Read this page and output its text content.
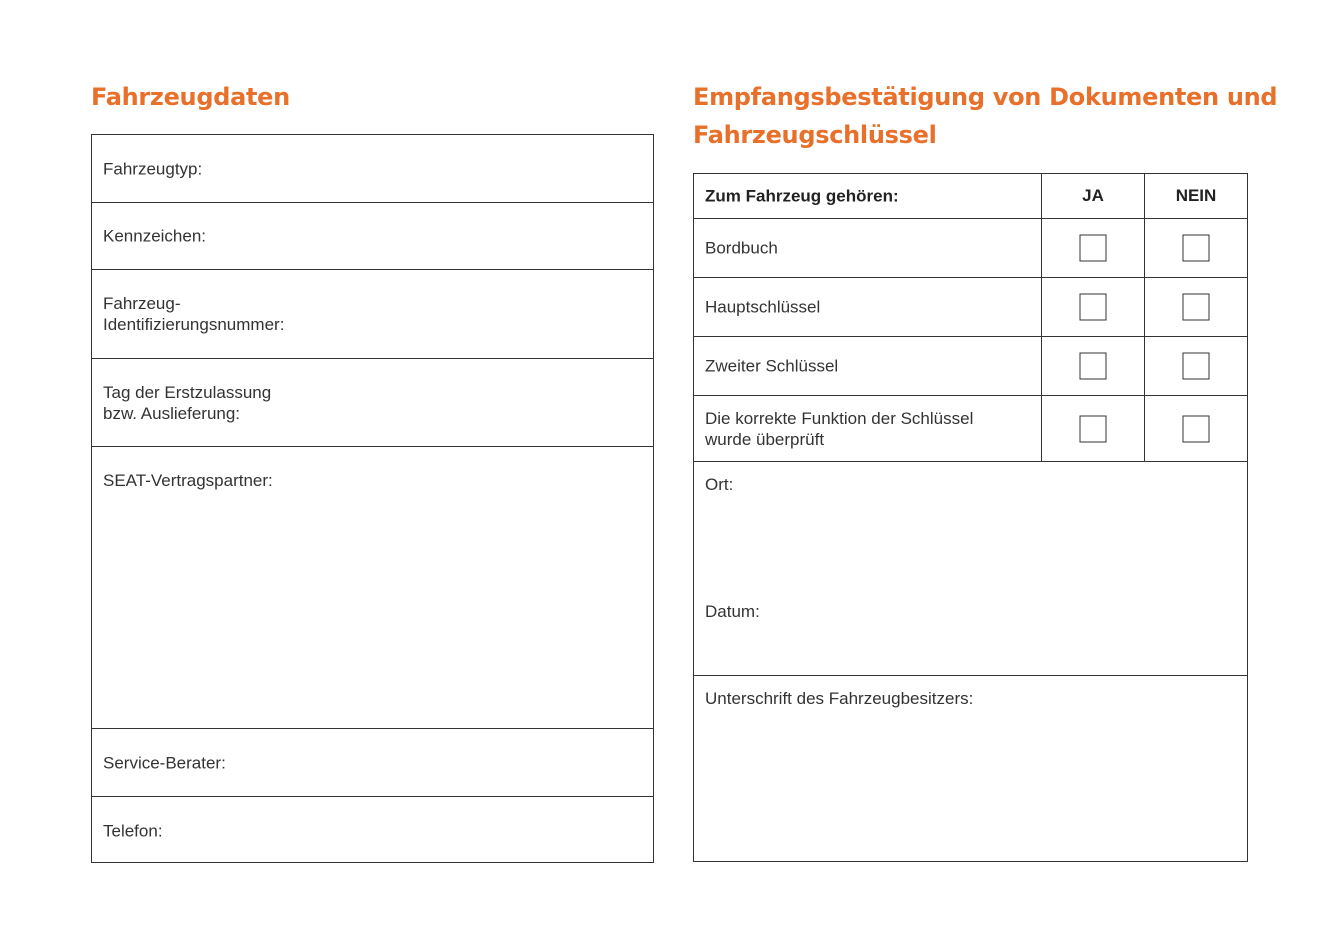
Fahrzeugdaten	Empfangsbestätigung von Dokumenten und Fahrzeugschlüssel
Fahrzeugtyp:
Kennzeichen:
Fahrzeug-
Identifizierungsnummer:
Tag der Erstzulassung
bzw. Auslieferung:
SEAT-Vertragspartner:
Service-Berater:
Telefon:
Zum Fahrzeug gehören:	JA	NEIN
Bordbuch
Hauptschlüssel
Zweiter Schlüssel
Die korrekte Funktion der Schlüssel
wurde überprüft
Ort:
Datum:
Unterschrift des Fahrzeugbesitzers:
